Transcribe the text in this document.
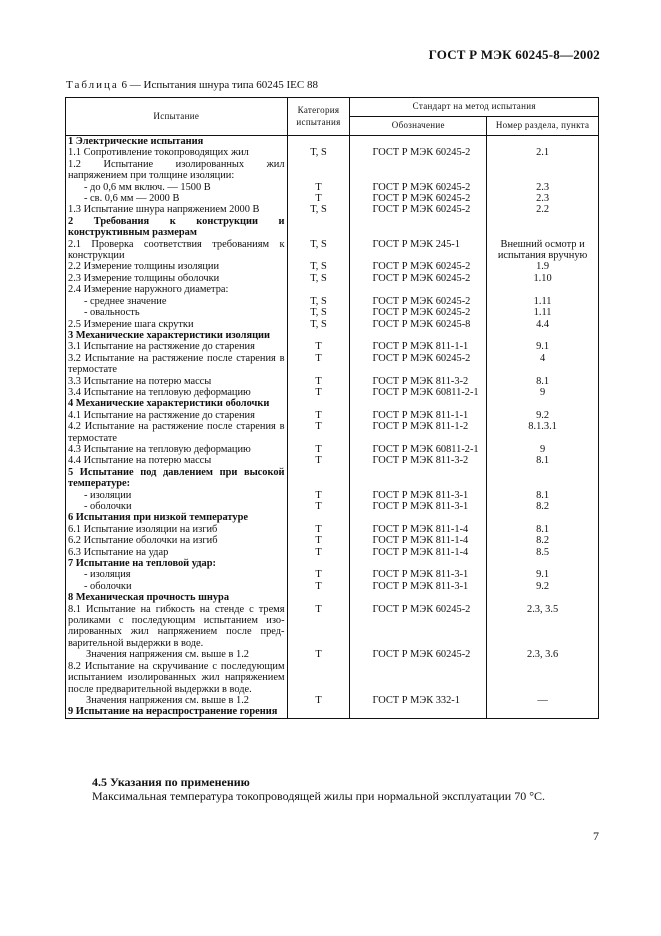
ГОСТ Р МЭК 60245-8—2002
Таблица 6 — Испытания шнура типа 60245 IEC 88
Испытание	Категория испытания	Стандарт на метод испытания	
		Обозначение	Номер раздела, пункта
1 Электрические испытания			
1.1 Сопротивление токопроводящих жил	T, S	ГОСТ Р МЭК 60245-2	2.1
1.2 Испытание изолированных жил напряжением при толщине изоляции:			
- до 0,6 мм включ. — 1500 В	T	ГОСТ Р МЭК 60245-2	2.3
- св. 0,6 мм — 2000 В	T	ГОСТ Р МЭК 60245-2	2.3
1.3 Испытание шнура напряжением 2000 В	T, S	ГОСТ Р МЭК 60245-2	2.2
2 Требования к конструкции и конструктивным размерам			
2.1 Проверка соответствия требованиям к конструкции	T, S	ГОСТ Р МЭК 245-1	Внешний осмотр и испытания вручную
2.2 Измерение толщины изоляции	T, S	ГОСТ Р МЭК 60245-2	1.9
2.3 Измерение толщины оболочки	T, S	ГОСТ Р МЭК 60245-2	1.10
2.4 Измерение наружного диаметра:			
- среднее значение	T, S	ГОСТ Р МЭК 60245-2	1.11
- овальность	T, S	ГОСТ Р МЭК 60245-2	1.11
2.5 Измерение шага скрутки	T, S	ГОСТ Р МЭК 60245-8	4.4
3 Механические характеристики изоляции			
3.1 Испытание на растяжение до старения	T	ГОСТ Р МЭК 811-1-1	9.1
3.2 Испытание на растяжение после старения в термостате	T	ГОСТ Р МЭК 60245-2	4
3.3 Испытание на потерю массы	T	ГОСТ Р МЭК 811-3-2	8.1
3.4 Испытание на тепловую деформацию	T	ГОСТ Р МЭК 60811-2-1	9
4 Механические характеристики оболочки			
4.1 Испытание на растяжение до старения	T	ГОСТ Р МЭК 811-1-1	9.2
4.2 Испытание на растяжение после старения в термостате	T	ГОСТ Р МЭК 811-1-2	8.1.3.1
4.3 Испытание на тепловую деформацию	T	ГОСТ Р МЭК 60811-2-1	9
4.4 Испытание на потерю массы	T	ГОСТ Р МЭК 811-3-2	8.1
5 Испытание под давлением при высокой температуре:			
- изоляции	T	ГОСТ Р МЭК 811-3-1	8.1
- оболочки	T	ГОСТ Р МЭК 811-3-1	8.2
6 Испытания при низкой температуре			
6.1 Испытание изоляции на изгиб	T	ГОСТ Р МЭК 811-1-4	8.1
6.2 Испытание оболочки на изгиб	T	ГОСТ Р МЭК 811-1-4	8.2
6.3 Испытание на удар	T	ГОСТ Р МЭК 811-1-4	8.5
7 Испытание на тепловой удар:			
- изоляция	T	ГОСТ Р МЭК 811-3-1	9.1
- оболочки	T	ГОСТ Р МЭК 811-3-1	9.2
8 Механическая прочность шнура			
8.1 Испытание на гибкость на стенде с тремя роликами с последующим испытанием изо- лированных жил напряжением после пред- варительной выдержки в воде.	T	ГОСТ Р МЭК 60245-2	2.3, 3.5
Значения напряжения см. выше в 1.2	T	ГОСТ Р МЭК 60245-2	2.3, 3.6
8.2 Испытание на скручивание с последующим испытанием изолированных жил напряжением после предварительной выдержки в воде.			
Значения напряжения см. выше в 1.2	T	ГОСТ Р МЭК 332-1	—
9 Испытание на нераспространение горения			
4.5 Указания по применению
Максимальная температура токопроводящей жилы при нормальной эксплуатации 70 °С.
7
